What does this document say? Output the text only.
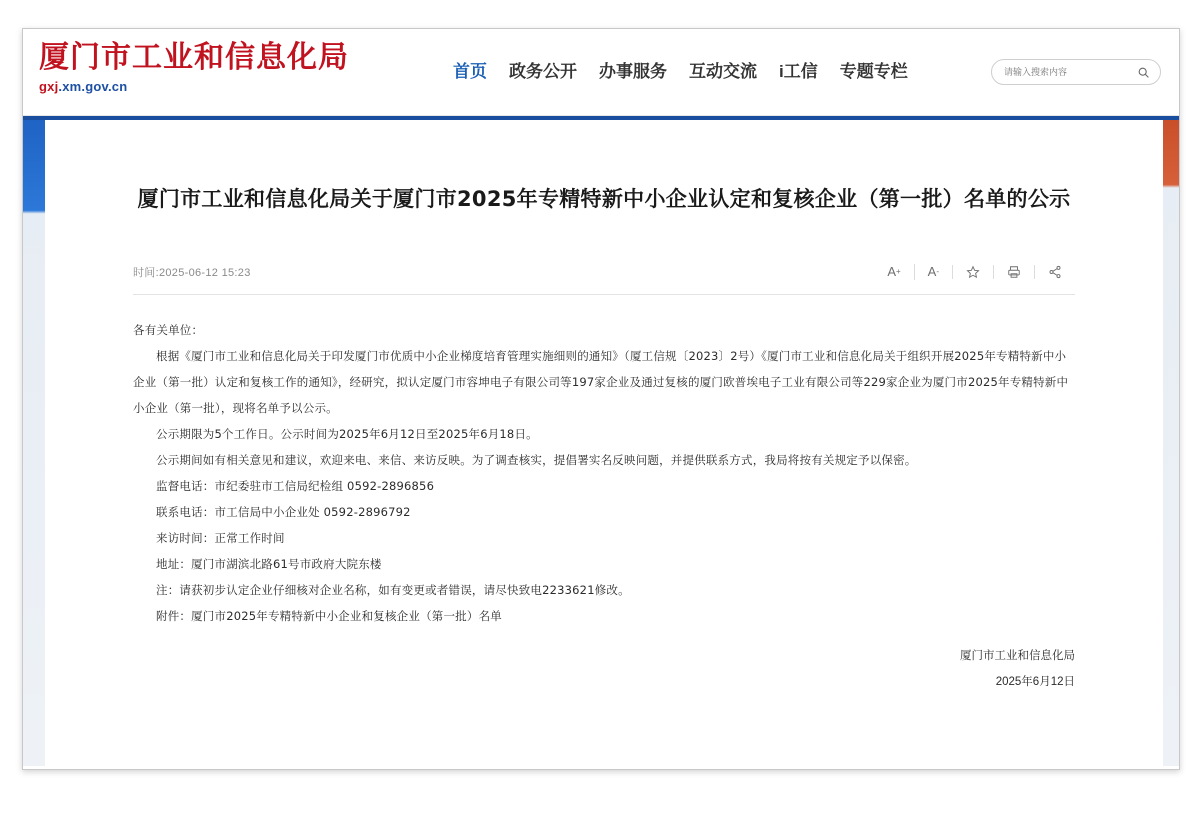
厦门市工业和信息化局
gxj.xm.gov.cn
首页 政务公开 办事服务 互动交流 i工信 专题专栏
请输入搜索内容
厦门市工业和信息化局关于厦门市2025年专精特新中小企业认定和复核企业（第一批）名单的公示
时间:2025-06-12 15:23	A +	A -

各有关单位：

根据《厦门市工业和信息化局关于印发厦门市优质中小企业梯度培育管理实施细则的通知》（厦工信规〔2023〕2号）《厦门市工业和信息化局关于组织开展2025年专精特新中小企业（第一批）认定和复核工作的通知》，经研究，拟认定厦门市容坤电子有限公司等197家企业及通过复核的厦门欧普埃电子工业有限公司等229家企业为厦门市2025年专精特新中小企业（第一批），现将名单予以公示。

公示期限为5个工作日。公示时间为2025年6月12日至2025年6月18日。

公示期间如有相关意见和建议，欢迎来电、来信、来访反映。为了调查核实，提倡署实名反映问题，并提供联系方式，我局将按有关规定予以保密。

监督电话：市纪委驻市工信局纪检组 0592-2896856

联系电话：市工信局中小企业处 0592-2896792

来访时间：正常工作时间

地址：厦门市湖滨北路61号市政府大院东楼

注：请获初步认定企业仔细核对企业名称，如有变更或者错误，请尽快致电2233621修改。

附件：厦门市2025年专精特新中小企业和复核企业（第一批）名单

厦门市工业和信息化局
2025年6月12日
